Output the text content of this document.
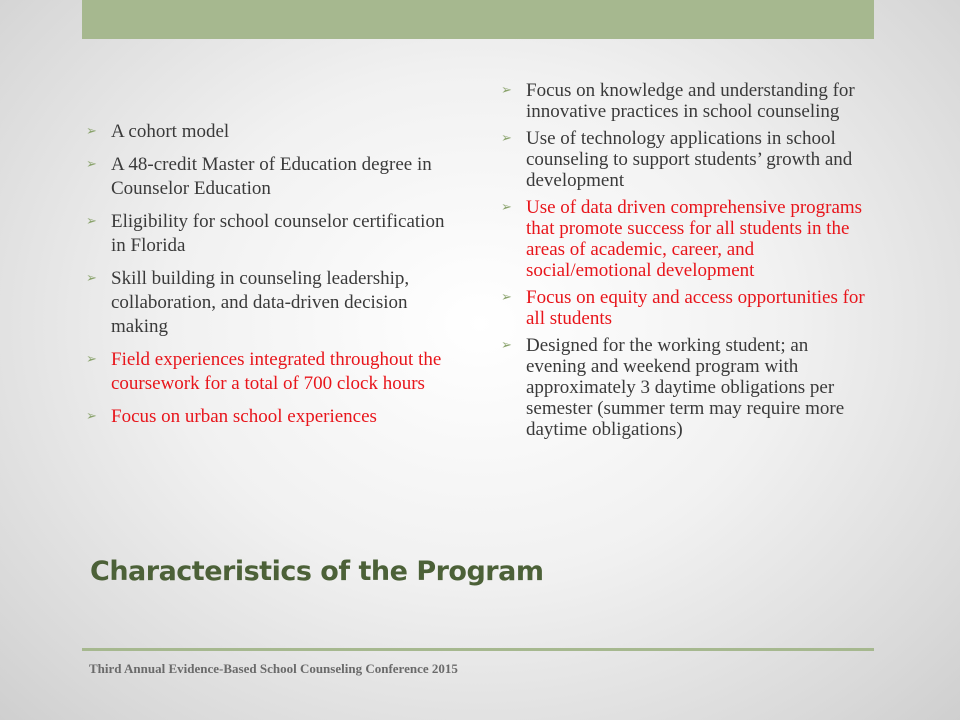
➢ A cohort model
➢ A 48-credit Master of Education degree in Counselor Education
➢ Eligibility for school counselor certification in Florida
➢ Skill building in counseling leadership, collaboration, and data-driven decision making
➢ Field experiences integrated throughout the coursework for a total of 700 clock hours
➢ Focus on urban school experiences
➢ Focus on knowledge and understanding for innovative practices in school counseling
➢ Use of technology applications in school counseling to support students’ growth and development
➢ Use of data driven comprehensive programs that promote success for all students in the areas of academic, career, and social/emotional development
➢ Focus on equity and access opportunities for all students
➢ Designed for the working student; an evening and weekend program with approximately 3 daytime obligations per semester (summer term may require more daytime obligations)
Characteristics of the Program
Third Annual Evidence-Based School Counseling Conference 2015
